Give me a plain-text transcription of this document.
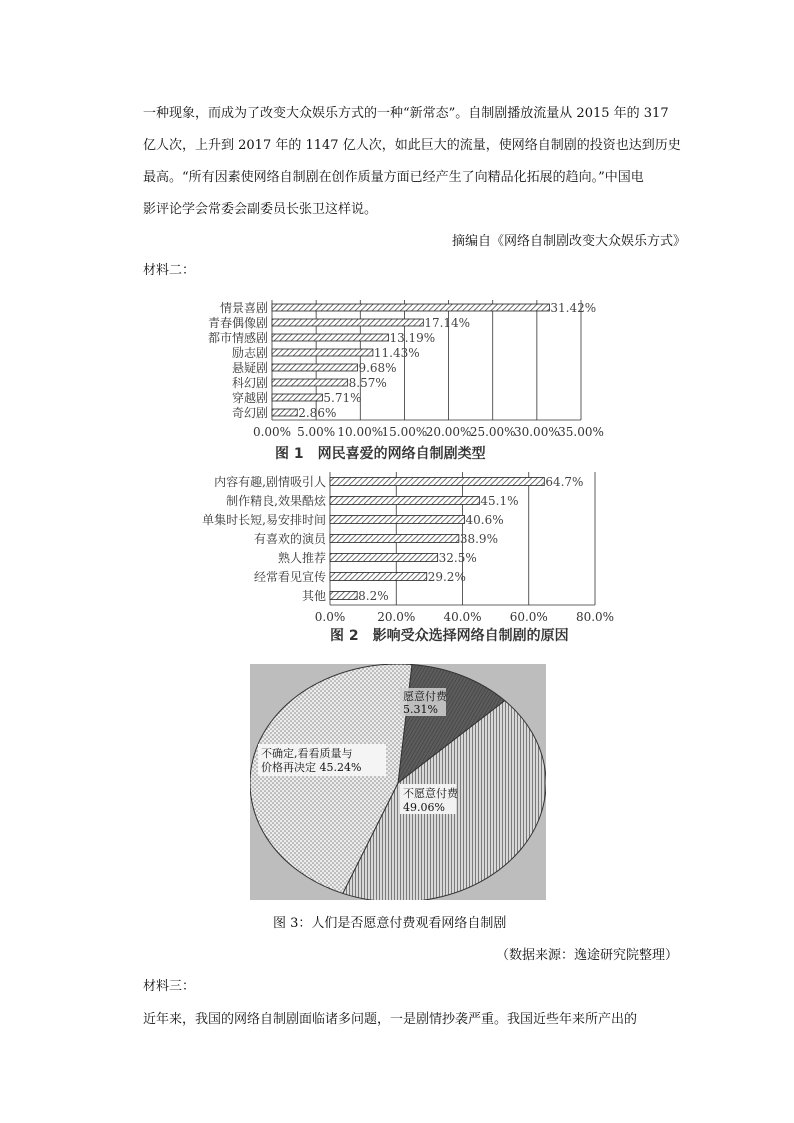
一种现象，而成为了改变大众娱乐方式的一种“新常态”。自制剧播放流量从 2015 年的 317
亿人次，上升到 2017 年的 1147 亿人次，如此巨大的流量，使网络自制剧的投资也达到历史
最高。“所有因素使网络自制剧在创作质量方面已经产生了向精品化拓展的趋向。”中国电
影评论学会常委会副委员长张卫这样说。
摘编自《网络自制剧改变大众娱乐方式》
材料二：
0.00% 5.00% 10.00%
15.00%
20.00%
25.00%
30.00%
35.00%
情景喜剧	31.42%
青春偶像剧	17.14%
都市情感剧	13.19%
励志剧	11.43%
悬疑剧	9.68%
科幻剧	8.57%
穿越剧	5.71%
奇幻剧	2.86%
图 1　网民喜爱的网络自制剧类型
0.0%	20.0% 40.0% 60.0% 80.0%
内容有趣,剧情吸引人	64.7%
制作精良,效果酷炫	45.1%
单集时长短,易安排时间	40.6%
有喜欢的演员	38.9%
熟人推荐	32.5%
经常看见宣传	29.2%
其他	8.2%
图 2　影响受众选择网络自制剧的原因
愿意付费
5.31%
不愿意付费
49.06%
不确定,看看质量与
价格再决定 45.24%
图 3：人们是否愿意付费观看网络自制剧
（数据来源：逸途研究院整理）
材料三：
近年来，我国的网络自制剧面临诸多问题，一是剧情抄袭严重。我国近些年来所产出的
